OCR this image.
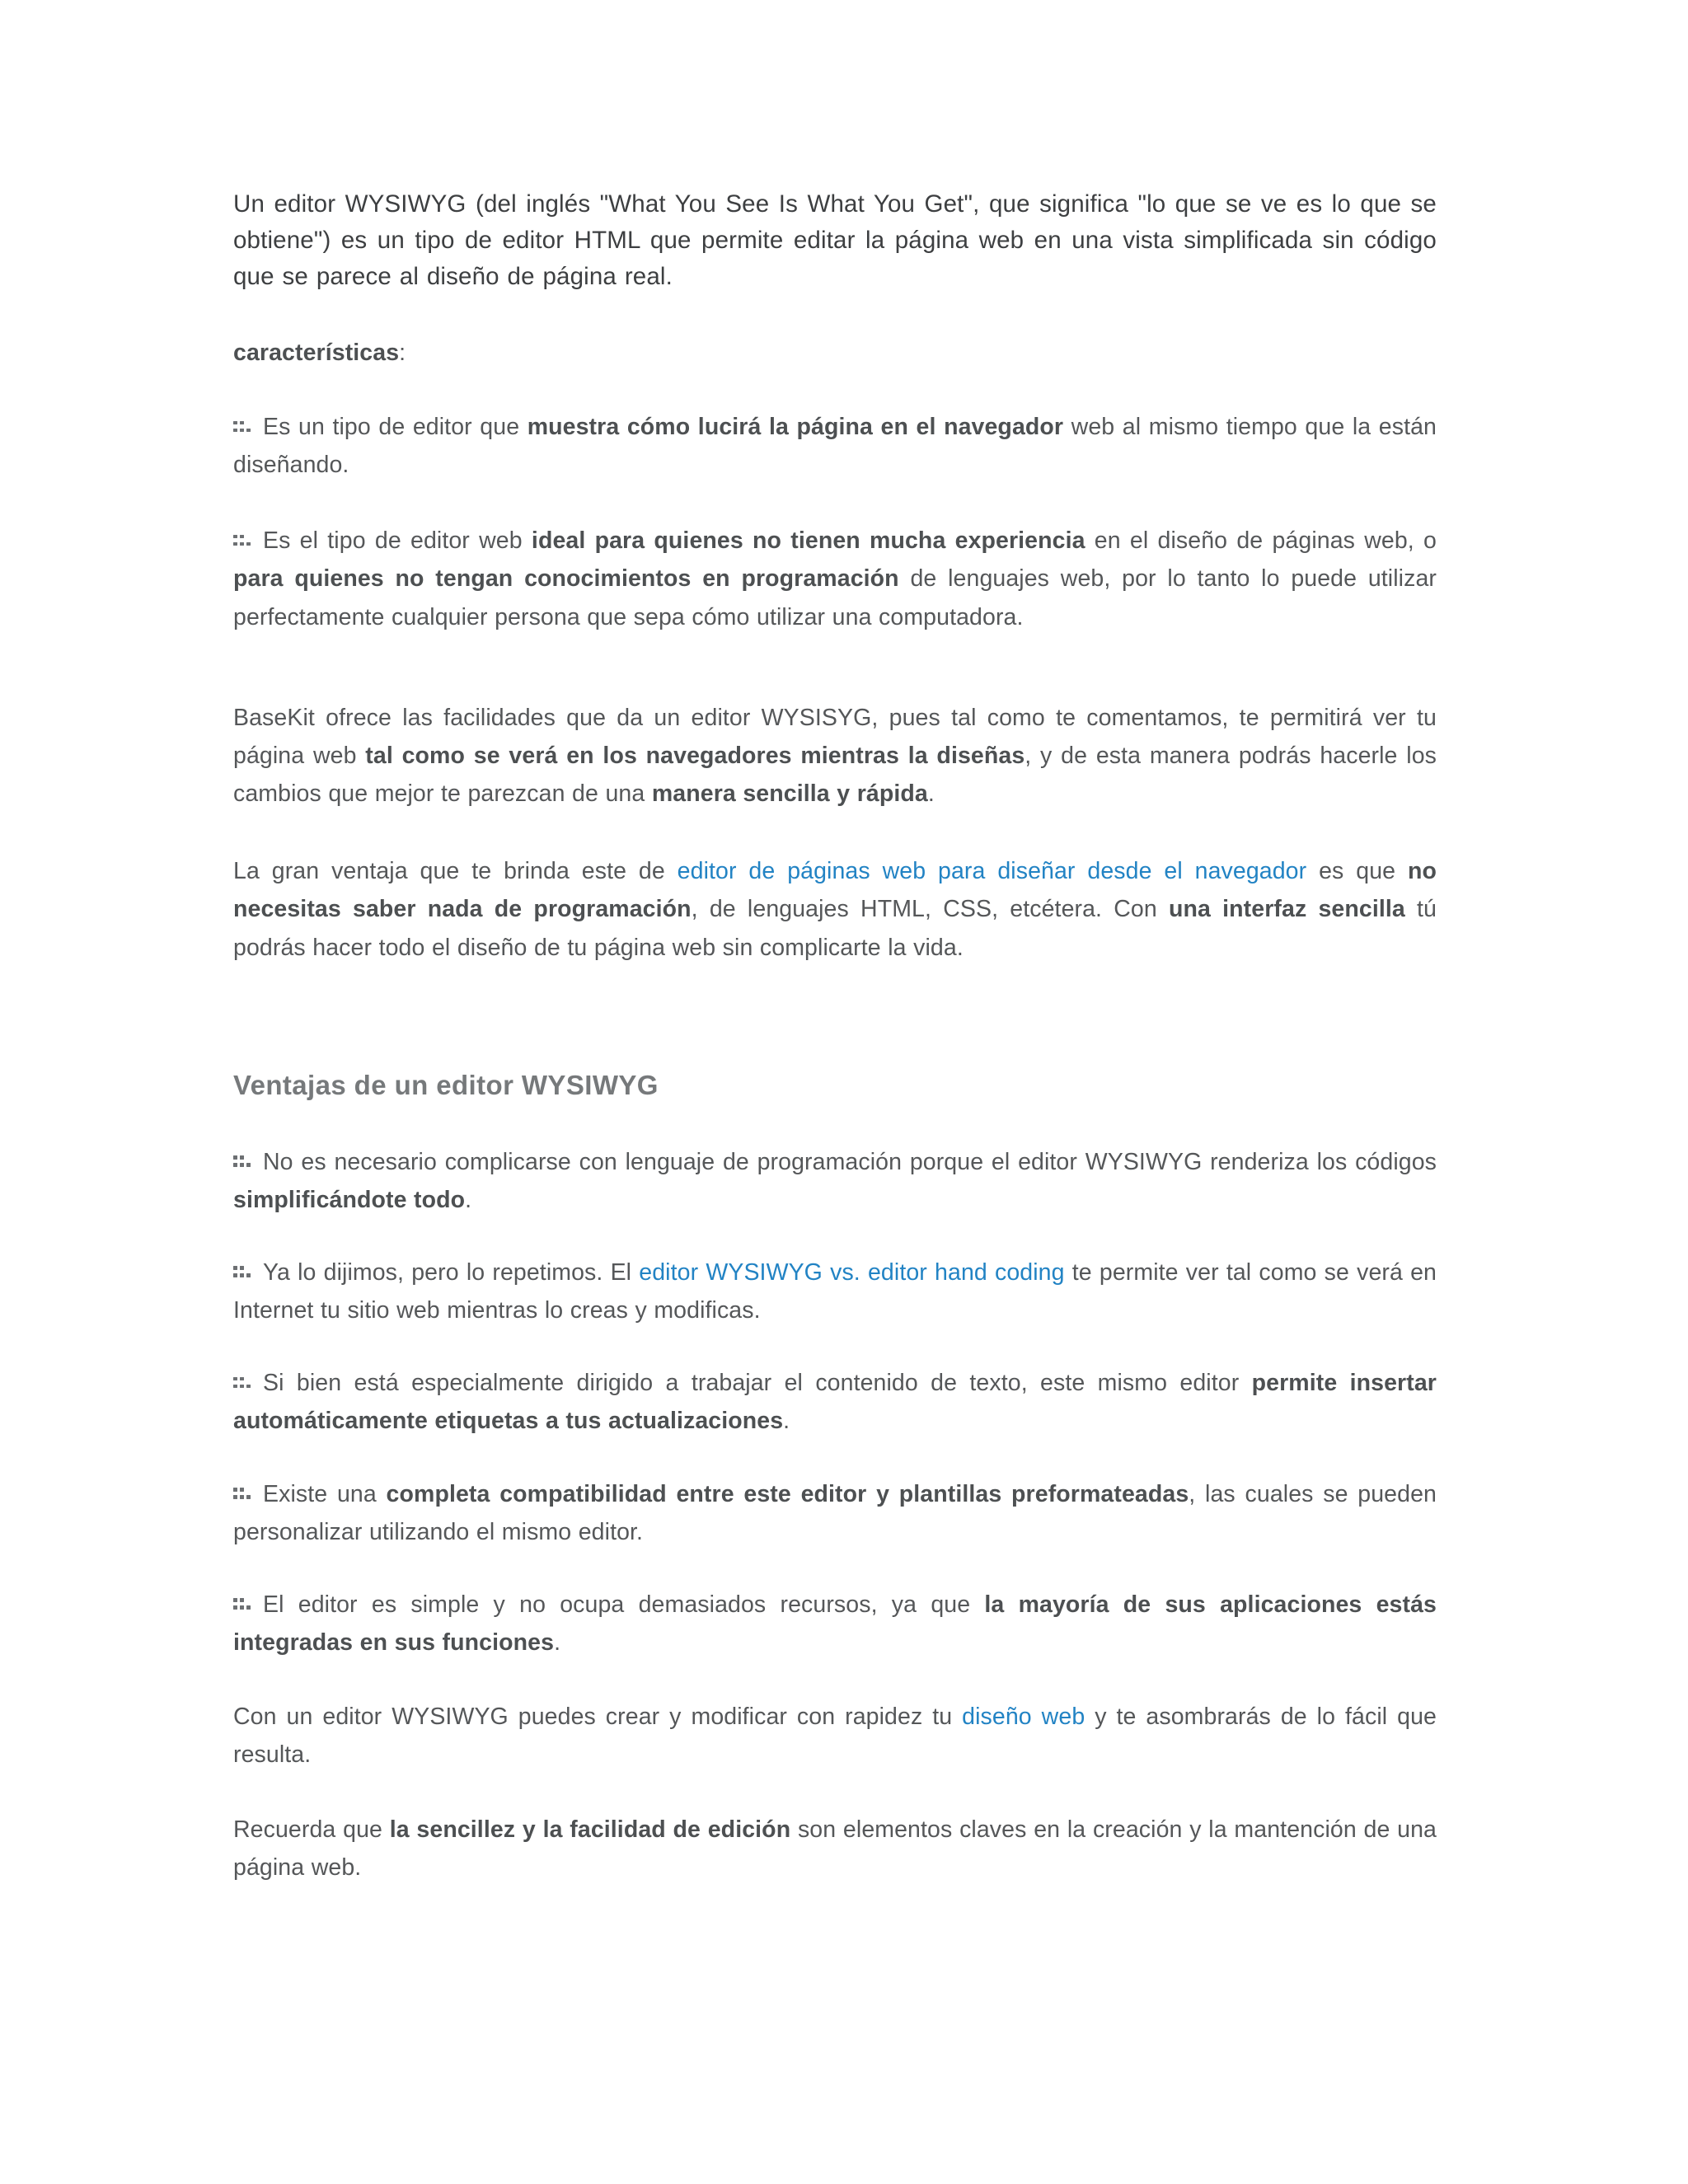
Un editor WYSIWYG (del inglés "What You See Is What You Get", que significa "lo que se ve es lo que se obtiene") es un tipo de editor HTML que permite editar la página web en una vista simplificada sin código que se parece al diseño de página real.

características:

Es un tipo de editor que muestra cómo lucirá la página en el navegador web al mismo tiempo que la están diseñando.

Es el tipo de editor web ideal para quienes no tienen mucha experiencia en el diseño de páginas web, o para quienes no tengan conocimientos en programación de lenguajes web, por lo tanto lo puede utilizar perfectamente cualquier persona que sepa cómo utilizar una computadora.

BaseKit ofrece las facilidades que da un editor WYSISYG, pues tal como te comentamos, te permitirá ver tu página web tal como se verá en los navegadores mientras la diseñas, y de esta manera podrás hacerle los cambios que mejor te parezcan de una manera sencilla y rápida.

La gran ventaja que te brinda este de editor de páginas web para diseñar desde el navegador es que no necesitas saber nada de programación, de lenguajes HTML, CSS, etcétera. Con una interfaz sencilla tú podrás hacer todo el diseño de tu página web sin complicarte la vida.

Ventajas de un editor WYSIWYG

No es necesario complicarse con lenguaje de programación porque el editor WYSIWYG renderiza los códigos simplificándote todo.

Ya lo dijimos, pero lo repetimos. El editor WYSIWYG vs. editor hand coding te permite ver tal como se verá en Internet tu sitio web mientras lo creas y modificas.

Si bien está especialmente dirigido a trabajar el contenido de texto, este mismo editor permite insertar automáticamente etiquetas a tus actualizaciones.

Existe una completa compatibilidad entre este editor y plantillas preformateadas, las cuales se pueden personalizar utilizando el mismo editor.

El editor es simple y no ocupa demasiados recursos, ya que la mayoría de sus aplicaciones estás integradas en sus funciones.

Con un editor WYSIWYG puedes crear y modificar con rapidez tu diseño web y te asombrarás de lo fácil que resulta.

Recuerda que la sencillez y la facilidad de edición son elementos claves en la creación y la mantención de una página web.
